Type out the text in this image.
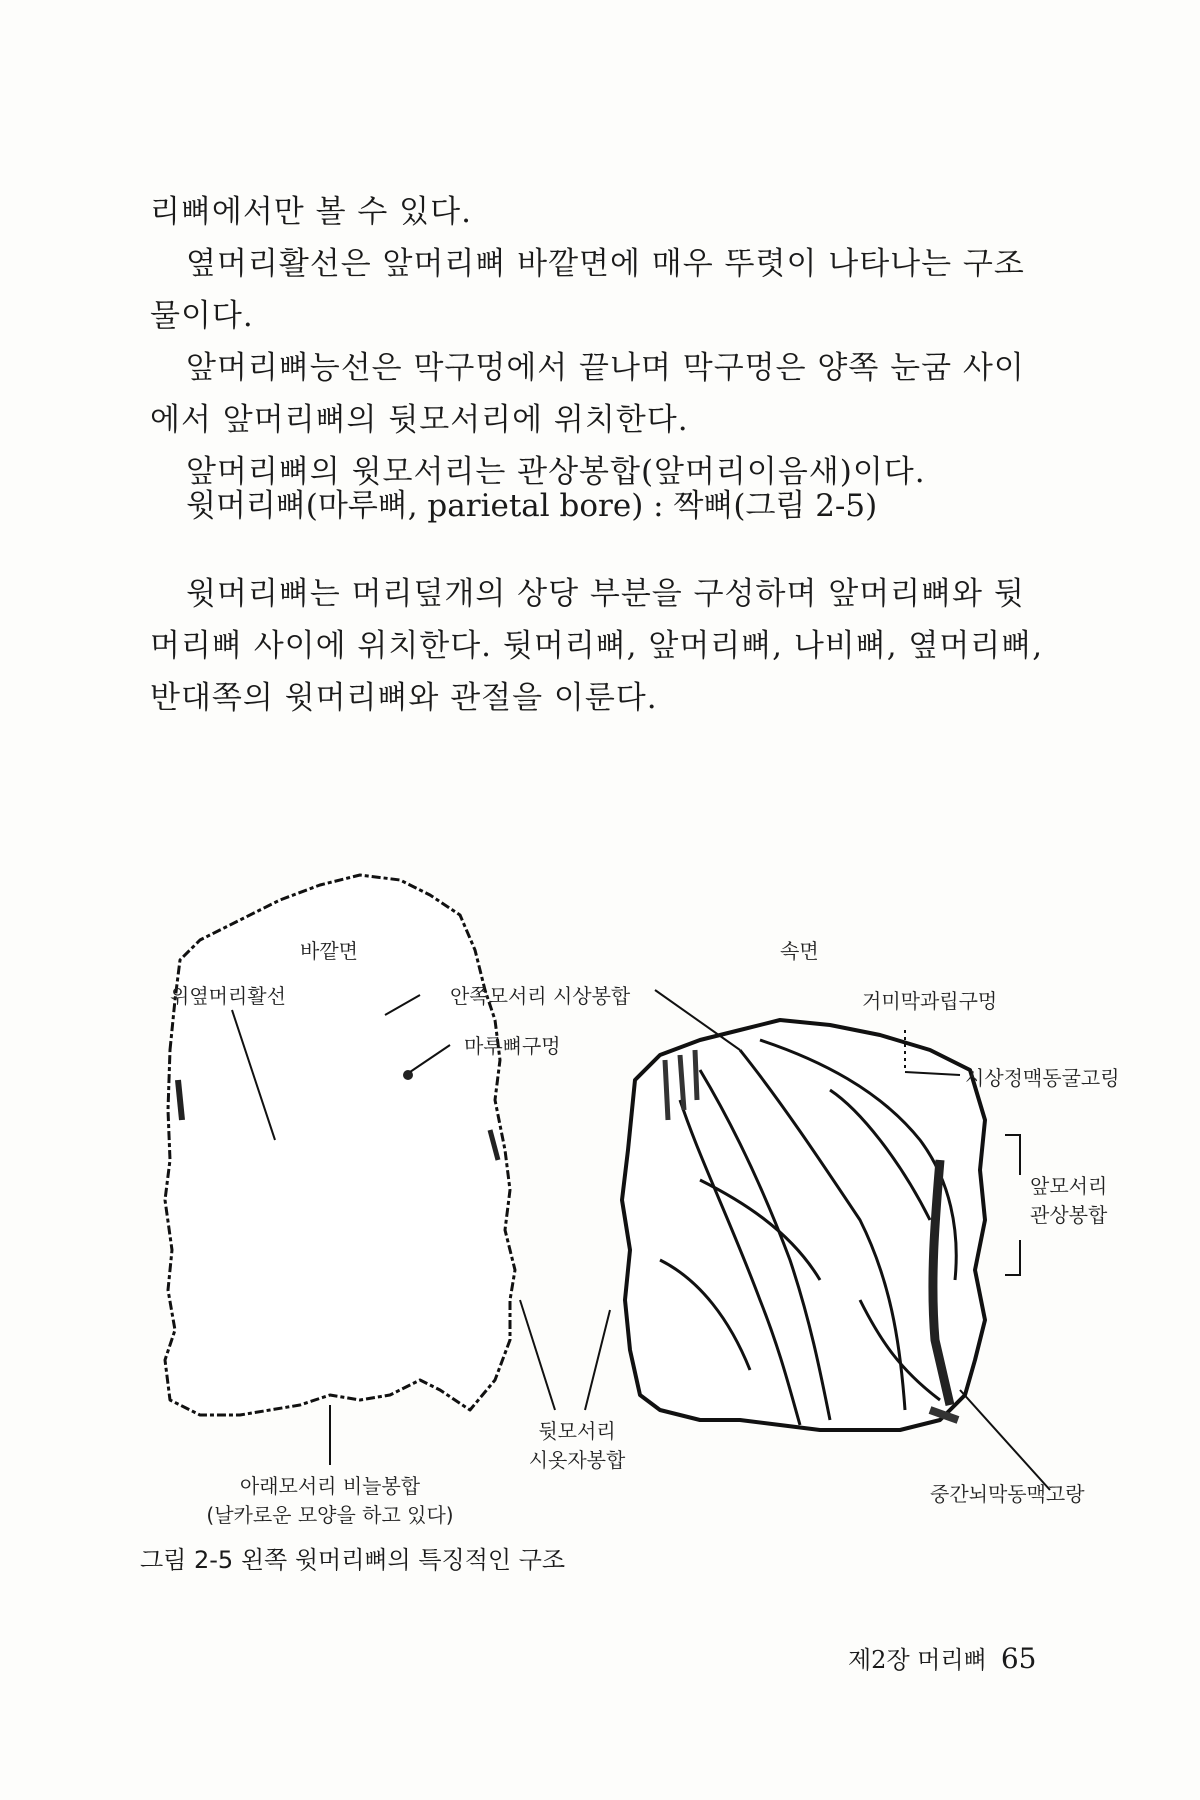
리뼈에서만 볼 수 있다.

옆머리활선은 앞머리뼈 바깥면에 매우 뚜렷이 나타나는 구조물이다.

앞머리뼈능선은 막구멍에서 끝나며 막구멍은 양쪽 눈굼 사이에서 앞머리뼈의 뒷모서리에 위치한다.

앞머리뼈의 윗모서리는 관상봉합(앞머리이음새)이다.

윗머리뼈(마루뼈, parietal bore) : 짝뼈(그림 2-5)
윗머리뼈는 머리덮개의 상당 부분을 구성하며 앞머리뼈와 뒷머리뼈 사이에 위치한다. 뒷머리뼈, 앞머리뼈, 나비뼈, 옆머리뼈, 반대쪽의 윗머리뼈와 관절을 이룬다.
바깥면	속면
위옆머리활선	안쪽모서리 시상봉합
마루뼈구멍
거미막과립구멍
시상정맥동굴고링
앞모서리
관상봉합
뒷모서리
시옷자봉합
아래모서리 비늘봉합
(날카로운 모양을 하고 있다)
중간뇌막동맥고랑
그림 2-5 왼쪽 윗머리뼈의 특징적인 구조
제2장 머리뼈 65
